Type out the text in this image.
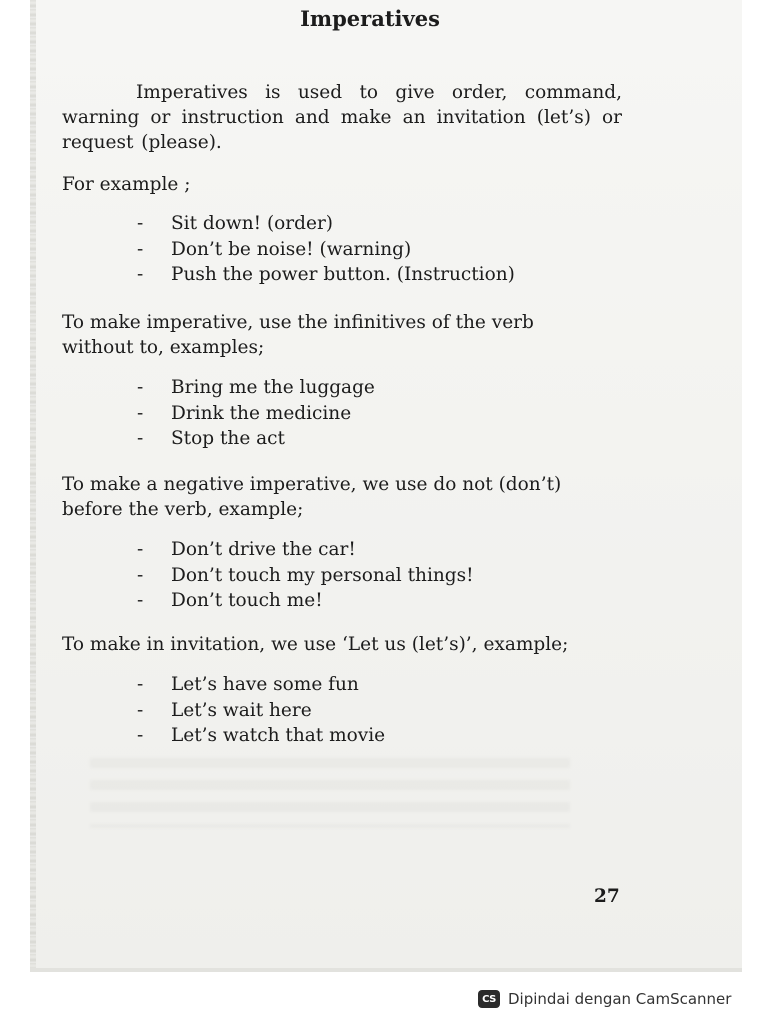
Imperatives

Imperatives is used to give order, command, warning or instruction and make an invitation (let’s) or request (please).

For example ;
- Sit down! (order)
- Don’t be noise! (warning)
- Push the power button. (Instruction)
To make imperative, use the infinitives of the verb without to, examples;
- Bring me the luggage
- Drink the medicine
- Stop the act
To make a negative imperative, we use do not (don’t) before the verb, example;
- Don’t drive the car!
- Don’t touch my personal things!
- Don’t touch me!
To make in invitation, we use ‘Let us (let’s)’, example;
- Let’s have some fun
- Let’s wait here
- Let’s watch that movie
27
CS Dipindai dengan CamScanner
